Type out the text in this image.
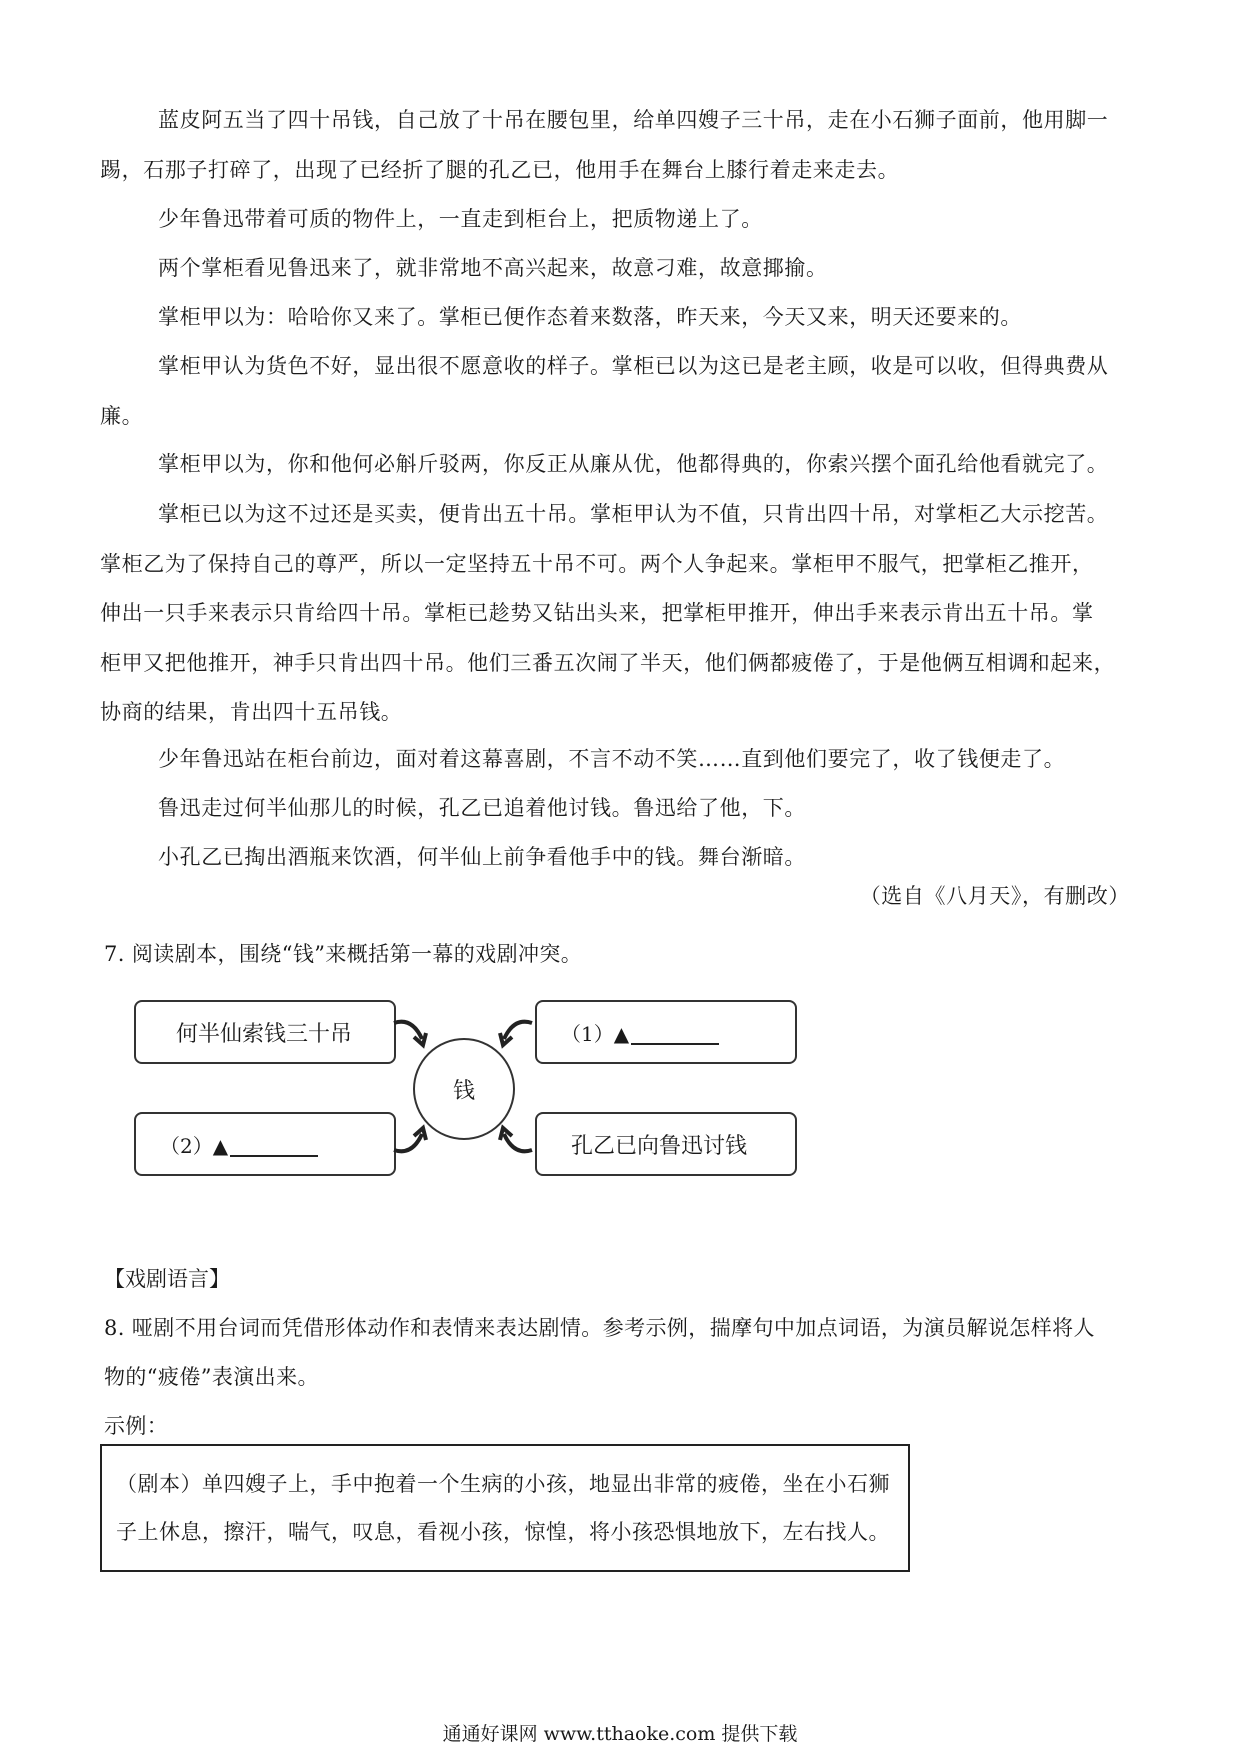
蓝皮阿五当了四十吊钱，自己放了十吊在腰包里，给单四嫂子三十吊，走在小石狮子面前，他用脚一
踢，石那子打碎了，出现了已经折了腿的孔乙已，他用手在舞台上膝行着走来走去。
少年鲁迅带着可质的物件上，一直走到柜台上，把质物递上了。
两个掌柜看见鲁迅来了，就非常地不高兴起来，故意刁难，故意揶揄。
掌柜甲以为：哈哈你又来了。掌柜已便作态着来数落，昨天来，今天又来，明天还要来的。
掌柜甲认为货色不好，显出很不愿意收的样子。掌柜已以为这已是老主顾，收是可以收，但得典费从
廉。
掌柜甲以为，你和他何必斛斤驳两，你反正从廉从优，他都得典的，你索兴摆个面孔给他看就完了。
掌柜已以为这不过还是买卖，便肯出五十吊。掌柜甲认为不值，只肯出四十吊，对掌柜乙大示挖苦。
掌柜乙为了保持自己的尊严，所以一定坚持五十吊不可。两个人争起来。掌柜甲不服气，把掌柜乙推开，
伸出一只手来表示只肯给四十吊。掌柜已趁势又钻出头来，把掌柜甲推开，伸出手来表示肯出五十吊。掌
柜甲又把他推开，神手只肯出四十吊。他们三番五次闹了半天，他们俩都疲倦了，于是他俩互相调和起来，
协商的结果，肯出四十五吊钱。
少年鲁迅站在柜台前边，面对着这幕喜剧，不言不动不笑……直到他们要完了，收了钱便走了。
鲁迅走过何半仙那儿的时候，孔乙已追着他讨钱。鲁迅给了他，下。
小孔乙已掏出酒瓶来饮酒，何半仙上前争看他手中的钱。舞台渐暗。
（选自《八月天》，有删改）
7. 阅读剧本，围绕“钱”来概括第一幕的戏剧冲突。
何半仙索钱三十吊	（1）▲
（2）▲	孔乙已向鲁迅讨钱
钱
【戏剧语言】
8. 哑剧不用台词而凭借形体动作和表情来表达剧情。参考示例，揣摩句中加点词语，为演员解说怎样将人
物的“疲倦”表演出来。
示例：
（剧本）单四嫂子上，手中抱着一个生病的小孩，地显出非常的疲倦，坐在小石狮
子上休息，擦汗，喘气，叹息，看视小孩，惊惶，将小孩恐惧地放下，左右找人。
通通好课网 www.tthaoke.com 提供下载
